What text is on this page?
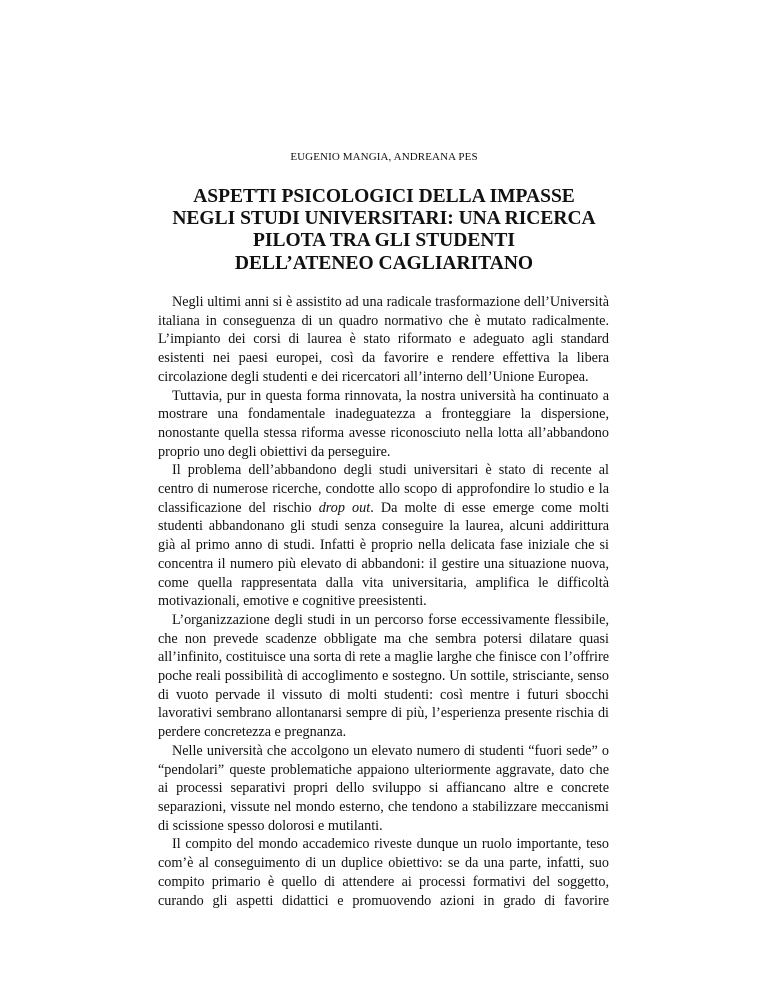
EUGENIO MANGIA, ANDREANA PES
ASPETTI PSICOLOGICI DELLA IMPASSE
NEGLI STUDI UNIVERSITARI: UNA RICERCA
PILOTA TRA GLI STUDENTI
DELL’ATENEO CAGLIARITANO

Negli ultimi anni si è assistito ad una radicale trasformazione dell’Università italiana in conseguenza di un quadro normativo che è mutato radicalmente. L’impianto dei corsi di laurea è stato riformato e adeguato agli standard esistenti nei paesi europei, così da favorire e rendere effettiva la libera circolazione degli studenti e dei ricercatori all’interno dell’Unione Europea.

Tuttavia, pur in questa forma rinnovata, la nostra università ha continuato a mostrare una fondamentale inadeguatezza a fronteggiare la dispersione, nonostante quella stessa riforma avesse riconosciuto nella lotta all’abbandono proprio uno degli obiettivi da perseguire.

Il problema dell’abbandono degli studi universitari è stato di recente al centro di numerose ricerche, condotte allo scopo di approfondire lo studio e la classificazione del rischio drop out. Da molte di esse emerge come molti studenti abbandonano gli studi senza conseguire la laurea, alcuni addirittura già al primo anno di studi. Infatti è proprio nella delicata fase iniziale che si concentra il numero più elevato di abbandoni: il gestire una situazione nuova, come quella rappresentata dalla vita universitaria, amplifica le difficoltà motivazionali, emotive e cognitive preesistenti.

L’organizzazione degli studi in un percorso forse eccessivamente flessibile, che non prevede scadenze obbligate ma che sembra potersi dilatare quasi all’infinito, costituisce una sorta di rete a maglie larghe che finisce con l’offrire poche reali possibilità di accoglimento e sostegno. Un sottile, strisciante, senso di vuoto pervade il vissuto di molti studenti: così mentre i futuri sbocchi lavorativi sembrano allontanarsi sempre di più, l’esperienza presente rischia di perdere concretezza e pregnanza.

Nelle università che accolgono un elevato numero di studenti “fuori sede” o “pendolari” queste problematiche appaiono ulteriormente aggravate, dato che ai processi separativi propri dello sviluppo si affiancano altre e concrete separazioni, vissute nel mondo esterno, che tendono a stabilizzare meccanismi di scissione spesso dolorosi e mutilanti.

Il compito del mondo accademico riveste dunque un ruolo importante, teso com’è al conseguimento di un duplice obiettivo: se da una parte, infatti, suo compito primario è quello di attendere ai processi formativi del soggetto, curando gli aspetti didattici e promuovendo azioni in grado di favorire
